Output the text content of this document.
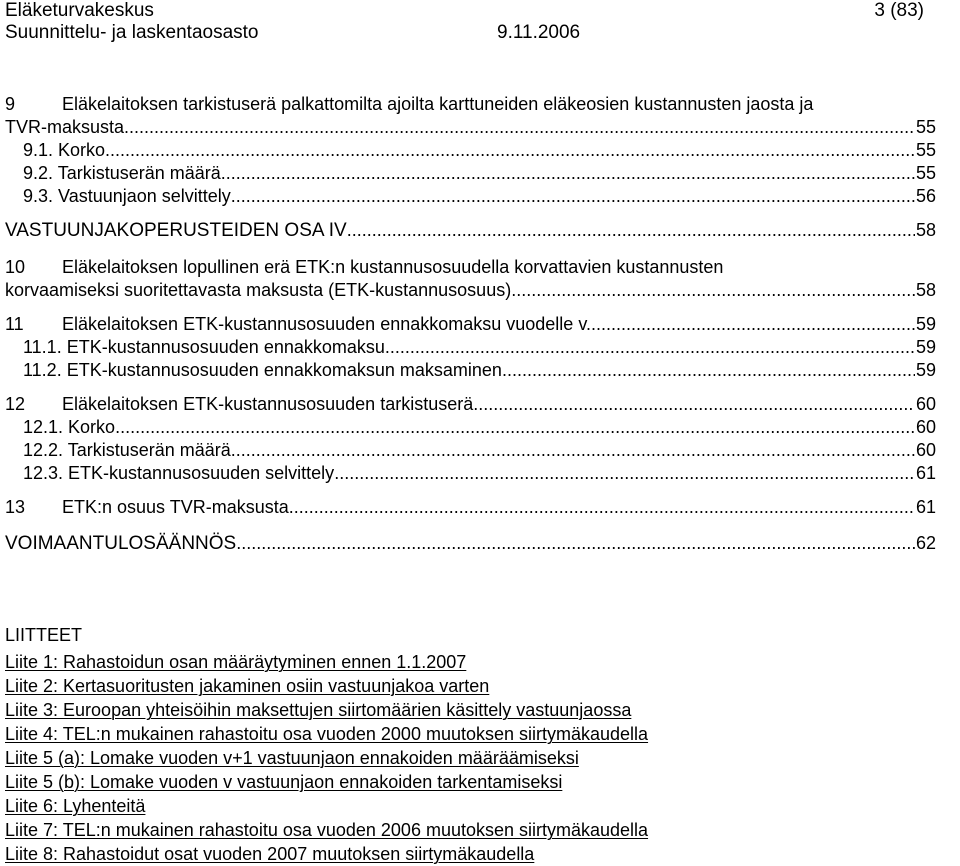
Eläketurvakeskus	3 (83)
Suunnittelu- ja laskentaosasto	9.11.2006
9	Eläkelaitoksen tarkistuserä palkattomilta ajoilta karttuneiden eläkeosien kustannusten jaosta ja
TVR-maksusta .....	55
9.1. Korko .....	55
9.2. Tarkistuserän määrä .....	55
9.3. Vastuunjaon selvittely .....	56
VASTUUNJAKOPERUSTEIDEN OSA IV .....	58
10 Eläkelaitoksen lopullinen erä ETK:n kustannusosuudella korvattavien kustannusten
korvaamiseksi suoritettavasta maksusta (ETK-kustannusosuus) .....	58
11 Eläkelaitoksen ETK-kustannusosuuden ennakkomaksu vuodelle v. .....	59
11.1. ETK-kustannusosuuden ennakkomaksu .....	59
11.2. ETK-kustannusosuuden ennakkomaksun maksaminen .....	59
12 Eläkelaitoksen ETK-kustannusosuuden tarkistuserä .....	60
12.1. Korko .....	60
12.2. Tarkistuserän määrä .....	60
12.3. ETK-kustannusosuuden selvittely .....	61
13 ETK:n osuus TVR-maksusta .....	61
VOIMAANTULOSÄÄNNÖS .....	62
LIITTEET
Liite 1: Rahastoidun osan määräytyminen ennen 1.1.2007
Liite 2: Kertasuoritusten jakaminen osiin vastuunjakoa varten
Liite 3: Euroopan yhteisöihin maksettujen siirtomäärien käsittely vastuunjaossa
Liite 4: TEL:n mukainen rahastoitu osa vuoden 2000 muutoksen siirtymäkaudella
Liite 5 (a): Lomake vuoden v+1 vastuunjaon ennakoiden määräämiseksi
Liite 5 (b): Lomake vuoden v vastuunjaon ennakoiden tarkentamiseksi
Liite 6: Lyhenteitä
Liite 7: TEL:n mukainen rahastoitu osa vuoden 2006 muutoksen siirtymäkaudella
Liite 8: Rahastoidut osat vuoden 2007 muutoksen siirtymäkaudella
